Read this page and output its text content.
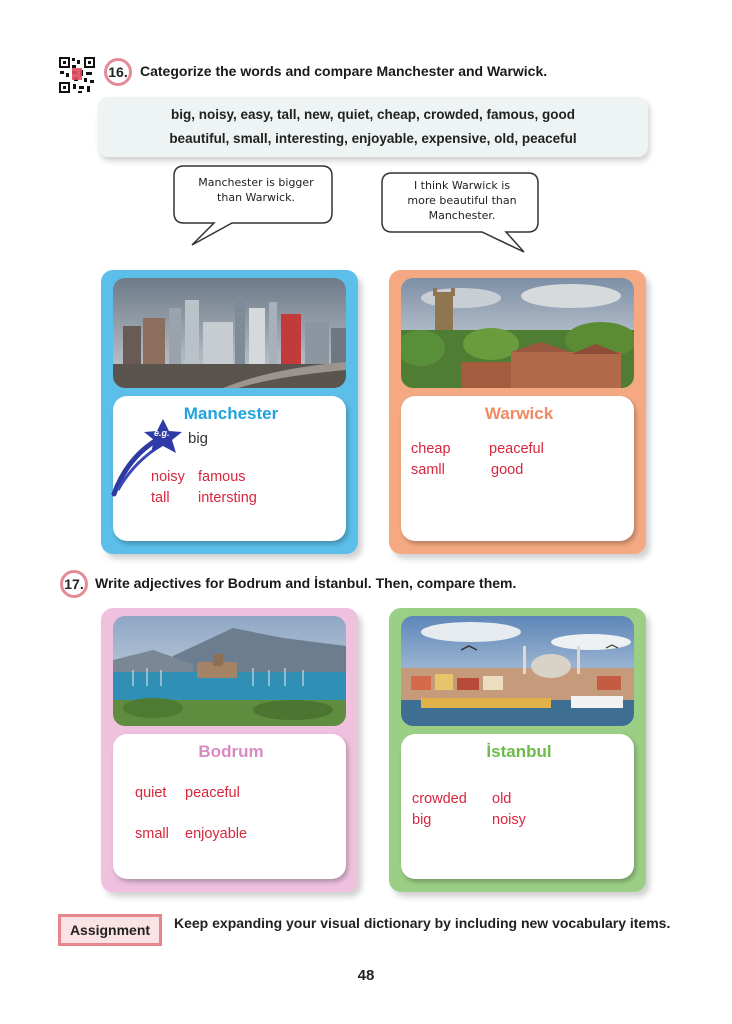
16. Categorize the words and compare Manchester and Warwick.
big, noisy, easy, tall, new, quiet, cheap, crowded, famous, good
beautiful, small, interesting, enjoyable, expensive, old, peaceful
Manchester is bigger
than Warwick.
I think Warwick is
more beautiful than
Manchester.
Manchester
e.g. big
noisy famous
tall intersting
Warwick
cheap	peaceful
samll	good
17. Write adjectives for Bodrum and İstanbul. Then, compare them.
Bodrum
quiet peaceful
small enjoyable
İstanbul
crowded old
big	noisy
Assignment	Keep expanding your visual dictionary by including new vocabulary items.
48
